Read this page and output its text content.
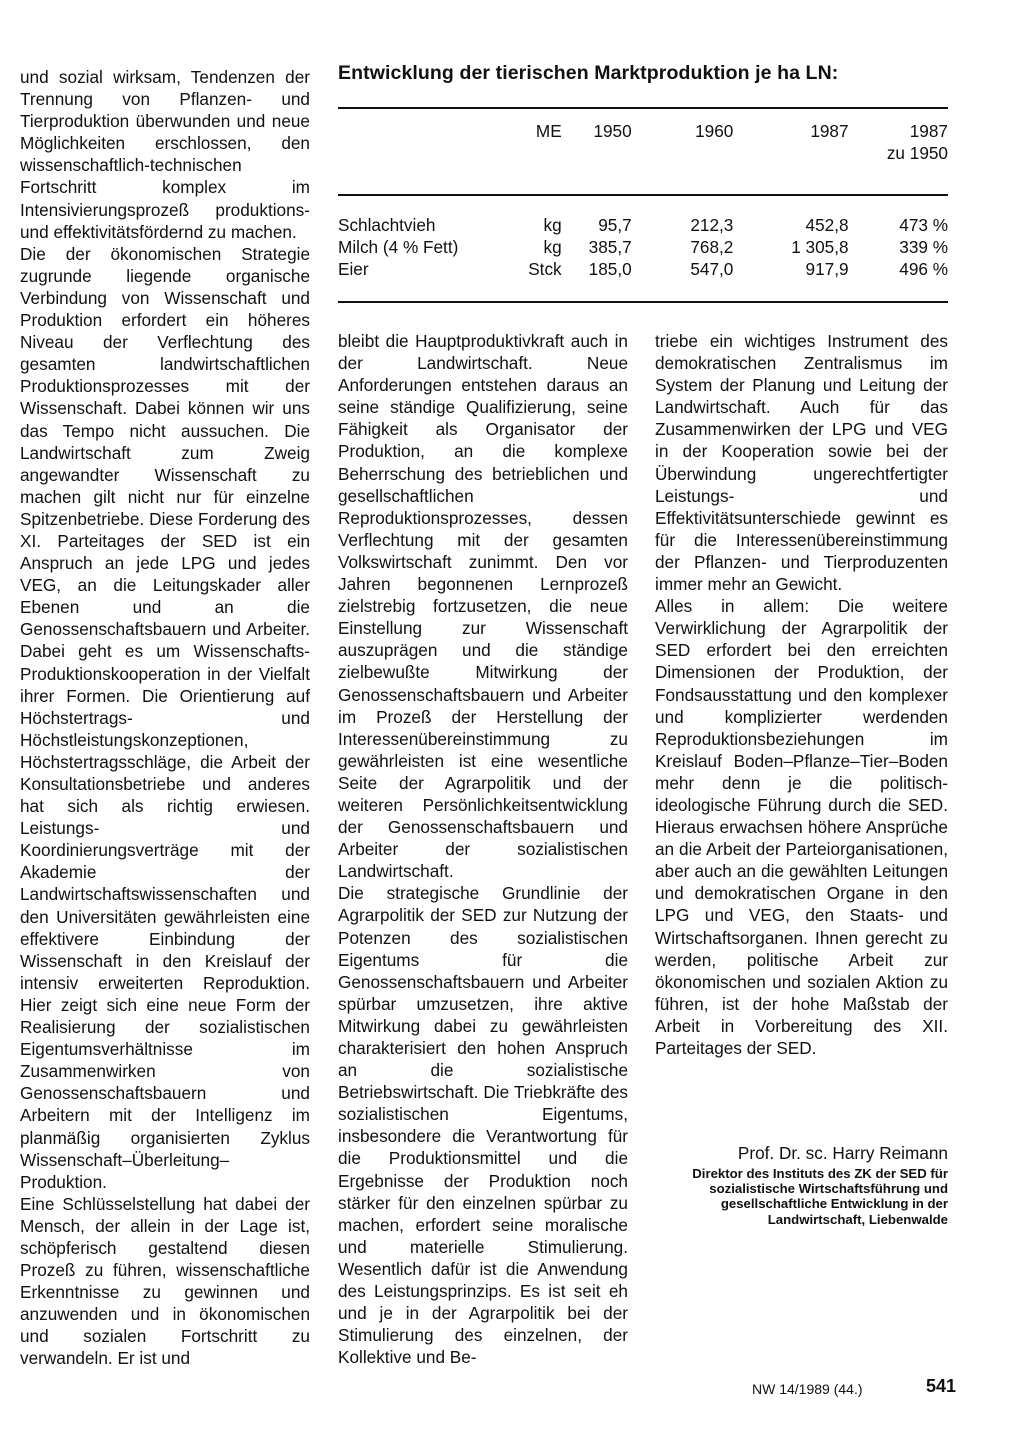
Entwicklung der tierischen Marktproduktion je ha LN:
	ME	1950	1960	1987	1987
zu 1950
Schlachtvieh	kg	95,7	212,3	452,8	473 %
Milch (4 % Fett)	kg	385,7	768,2	1 305,8	339 %
Eier	Stck	185,0	547,0	917,9	496 %

und sozial wirksam, Tendenzen der Trennung von Pflanzen- und Tierproduktion überwunden und neue Möglichkeiten erschlossen, den wissenschaftlich-technischen Fortschritt komplex im Intensivierungsprozeß produktions- und effektivitätsfördernd zu machen.

Die der ökonomischen Strategie zugrunde liegende organische Verbindung von Wissenschaft und Produktion erfordert ein höheres Niveau der Verflechtung des gesamten landwirtschaftlichen Produktionsprozesses mit der Wissenschaft. Dabei können wir uns das Tempo nicht aussuchen. Die Landwirtschaft zum Zweig angewandter Wissenschaft zu machen gilt nicht nur für einzelne Spitzenbetriebe. Diese Forderung des XI. Parteitages der SED ist ein Anspruch an jede LPG und jedes VEG, an die Leitungskader aller Ebenen und an die Genossenschaftsbauern und Arbeiter. Dabei geht es um Wissenschafts-Produktionskooperation in der Vielfalt ihrer Formen. Die Orientierung auf Höchstertrags- und Höchstleistungskonzeptionen, Höchstertragsschläge, die Arbeit der Konsultationsbetriebe und anderes hat sich als richtig erwiesen. Leistungs- und Koordinierungsverträge mit der Akademie der Landwirtschaftswissenschaften und den Universitäten gewährleisten eine effektivere Einbindung der Wissenschaft in den Kreislauf der intensiv erweiterten Reproduktion. Hier zeigt sich eine neue Form der Realisierung der sozialistischen Eigentumsverhältnisse im Zusammenwirken von Genossenschaftsbauern und Arbeitern mit der Intelligenz im planmäßig organisierten Zyklus Wissenschaft–Überleitung–Produktion.

Eine Schlüsselstellung hat dabei der Mensch, der allein in der Lage ist, schöpferisch gestaltend diesen Prozeß zu führen, wissenschaftliche Erkenntnisse zu gewinnen und anzuwenden und in ökonomischen und sozialen Fortschritt zu verwandeln. Er ist und

bleibt die Hauptproduktivkraft auch in der Landwirtschaft. Neue Anforderungen entstehen daraus an seine ständige Qualifizierung, seine Fähigkeit als Organisator der Produktion, an die komplexe Beherrschung des betrieblichen und gesellschaftlichen Reproduktionsprozesses, dessen Verflechtung mit der gesamten Volkswirtschaft zunimmt. Den vor Jahren begonnenen Lernprozeß zielstrebig fortzusetzen, die neue Einstellung zur Wissenschaft auszuprägen und die ständige zielbewußte Mitwirkung der Genossenschaftsbauern und Arbeiter im Prozeß der Herstellung der Interessenübereinstimmung zu gewährleisten ist eine wesentliche Seite der Agrarpolitik und der weiteren Persönlichkeitsentwicklung der Genossenschaftsbauern und Arbeiter der sozialistischen Landwirtschaft.

Die strategische Grundlinie der Agrarpolitik der SED zur Nutzung der Potenzen des sozialistischen Eigentums für die Genossenschaftsbauern und Arbeiter spürbar umzusetzen, ihre aktive Mitwirkung dabei zu gewährleisten charakterisiert den hohen Anspruch an die sozialistische Betriebswirtschaft. Die Triebkräfte des sozialistischen Eigentums, insbesondere die Verantwortung für die Produktionsmittel und die Ergebnisse der Produktion noch stärker für den einzelnen spürbar zu machen, erfordert seine moralische und materielle Stimulierung. Wesentlich dafür ist die Anwendung des Leistungsprinzips. Es ist seit eh und je in der Agrarpolitik bei der Stimulierung des einzelnen, der Kollektive und Be-

triebe ein wichtiges Instrument des demokratischen Zentralismus im System der Planung und Leitung der Landwirtschaft. Auch für das Zusammenwirken der LPG und VEG in der Kooperation sowie bei der Überwindung ungerechtfertigter Leistungs- und Effektivitätsunterschiede gewinnt es für die Interessenübereinstimmung der Pflanzen- und Tierproduzenten immer mehr an Gewicht.

Alles in allem: Die weitere Verwirklichung der Agrarpolitik der SED erfordert bei den erreichten Dimensionen der Produktion, der Fondsausstattung und den komplexer und komplizierter werdenden Reproduktionsbeziehungen im Kreislauf Boden–Pflanze–Tier–Boden mehr denn je die politisch-ideologische Führung durch die SED. Hieraus erwachsen höhere Ansprüche an die Arbeit der Parteiorganisationen, aber auch an die gewählten Leitungen und demokratischen Organe in den LPG und VEG, den Staats- und Wirtschaftsorganen. Ihnen gerecht zu werden, politische Arbeit zur ökonomischen und sozialen Aktion zu führen, ist der hohe Maßstab der Arbeit in Vorbereitung des XII. Parteitages der SED.

Prof. Dr. sc. Harry Reimann
Direktor des Instituts des ZK der SED für sozialistische Wirtschaftsführung und gesellschaftliche Entwicklung in der Landwirtschaft, Liebenwalde
NW 14/1989 (44.)	541
